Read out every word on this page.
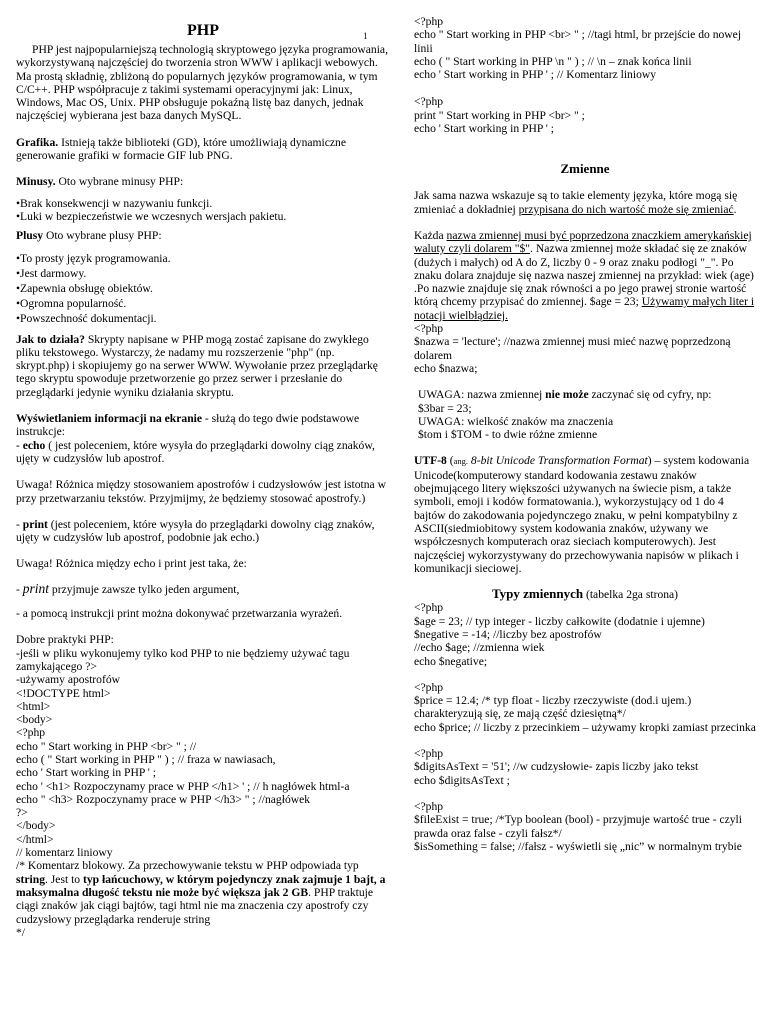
1

PHP

PHP jest najpopularniejszą technologią skryptowego języka programowania, wykorzystywaną najczęściej do tworzenia stron WWW i aplikacji webowych. Ma prostą składnię, zbliżoną do popularnych języków programowania, w tym C/C++. PHP współpracuje z takimi systemami operacyjnymi jak: Linux, Windows, Mac OS, Unix. PHP obsługuje pokaźną listę baz danych, jednak najczęściej wybierana jest baza danych MySQL.

Grafika. Istnieją także biblioteki (GD), które umożliwiają dynamiczne generowanie grafiki w formacie GIF lub PNG.

Minusy. Oto wybrane minusy PHP:

•Brak konsekwencji w nazywaniu funkcji.

•Luki w bezpieczeństwie we wczesnych wersjach pakietu.

Plusy Oto wybrane plusy PHP:

•To prosty język programowania.

•Jest darmowy.

•Zapewnia obsługę obiektów.

•Ogromna popularność.

•Powszechność dokumentacji.

Jak to działa? Skrypty napisane w PHP mogą zostać zapisane do zwykłego pliku tekstowego. Wystarczy, że nadamy mu rozszerzenie "php" (np. skrypt.php) i skopiujemy go na serwer WWW. Wywołanie przez przeglądarkę tego skryptu spowoduje przetworzenie go przez serwer i przesłanie do przeglądarki jedynie wyniku działania skryptu.

Wyświetlaniem informacji na ekranie - służą do tego dwie podstawowe instrukcje:

- echo ( jest poleceniem, które wysyła do przeglądarki dowolny ciąg znaków, ujęty w cudzysłów lub apostrof.

Uwaga! Różnica między stosowaniem apostrofów i cudzysłowów jest istotna w przy przetwarzaniu tekstów. Przyjmijmy, że będziemy stosować apostrofy.)

- print (jest poleceniem, które wysyła do przeglądarki dowolny ciąg znaków, ujęty w cudzysłów lub apostrof, podobnie jak echo.)

Uwaga! Różnica między echo i print jest taka, że:

- print przyjmuje zawsze tylko jeden argument,

- a pomocą instrukcji print można dokonywać przetwarzania wyrażeń.

Dobre praktyki PHP:

-jeśli w pliku wykonujemy tylko kod PHP to nie będziemy używać tagu zamykającego ?>

-używamy apostrofów

<!DOCTYPE html>

<html>

<body>

<?php

echo " Start working in PHP <br> " ; //

echo ( " Start working in PHP " ) ; // fraza w nawiasach,

echo ' Start working in PHP ' ;

echo ' <h1> Rozpoczynamy prace w PHP </h1> ' ; // h nagłówek html-a

echo " <h3> Rozpoczynamy prace w PHP </h3> " ; //nagłówek

?>

</body>

</html>

// komentarz liniowy

/* Komentarz blokowy. Za przechowywanie tekstu w PHP odpowiada typ string. Jest to typ łańcuchowy, w którym pojedynczy znak zajmuje 1 bajt, a maksymalna długość tekstu nie może być większa jak 2 GB. PHP traktuje ciągi znaków jak ciągi bajtów, tagi html nie ma znaczenia czy apostrofy czy cudzysłowy przeglądarka renderuje string

*/

<?php

echo " Start working in PHP <br> " ; //tagi html, br przejście do nowej linii

echo ( " Start working in PHP \n " ) ; // \n – znak końca linii

echo ' Start working in PHP ' ; // Komentarz liniowy

<?php

print " Start working in PHP <br> " ;

echo ' Start working in PHP ' ;

Zmienne

Jak sama nazwa wskazuje są to takie elementy języka, które mogą się zmieniać a dokładniej przypisana do nich wartość może się zmieniać.

Każda nazwa zmiennej musi być poprzedzona znaczkiem amerykańskiej waluty czyli dolarem "$". Nazwa zmiennej może składać się ze znaków (dużych i małych) od A do Z, liczby 0 - 9 oraz znaku podłogi "_". Po znaku dolara znajduje się nazwa naszej zmiennej na przykład: wiek (age) .Po nazwie znajduje się znak równości a po jego prawej stronie wartość którą chcemy przypisać do zmiennej. $age = 23; Używamy małych liter i notacji wielbłądziej.

<?php

$nazwa = 'lecture'; //nazwa zmiennej musi mieć nazwę poprzedzoną dolarem

echo $nazwa;

UWAGA: nazwa zmiennej nie może zaczynać się od cyfry, np:

$3bar = 23;

UWAGA: wielkość znaków ma znaczenia

$tom i $TOM - to dwie różne zmienne

UTF-8 (ang. 8-bit Unicode Transformation Format) – system kodowania Unicode(komputerowy standard kodowania zestawu znaków obejmującego litery większości używanych na świecie pism, a także symboli, emoji i kodów formatowania.), wykorzystujący od 1 do 4 bajtów do zakodowania pojedynczego znaku, w pełni kompatybilny z ASCII(siedmiobitowy system kodowania znaków, używany we współczesnych komputerach oraz sieciach komputerowych). Jest najczęściej wykorzystywany do przechowywania napisów w plikach i komunikacji sieciowej.

Typy zmiennych (tabelka 2ga strona)

<?php

$age = 23; // typ integer - liczby całkowite (dodatnie i ujemne)

$negative = -14; //liczby bez apostrofów

//echo $age; //zmienna wiek

echo $negative;

<?php

$price = 12.4; /* typ float - liczby rzeczywiste (dod.i ujem.) charakteryzują się, ze mają część dziesiętną*/

echo $price; // liczby z przecinkiem – używamy kropki zamiast przecinka

<?php

$digitsAsText = '51'; //w cudzysłowie- zapis liczby jako tekst

echo $digitsAsText ;

<?php

$fileExist = true; /*Typ boolean (bool) - przyjmuje wartość true - czyli prawda oraz false - czyli fałsz*/

$isSomething = false; //fałsz - wyświetli się „nic” w normalnym trybie
